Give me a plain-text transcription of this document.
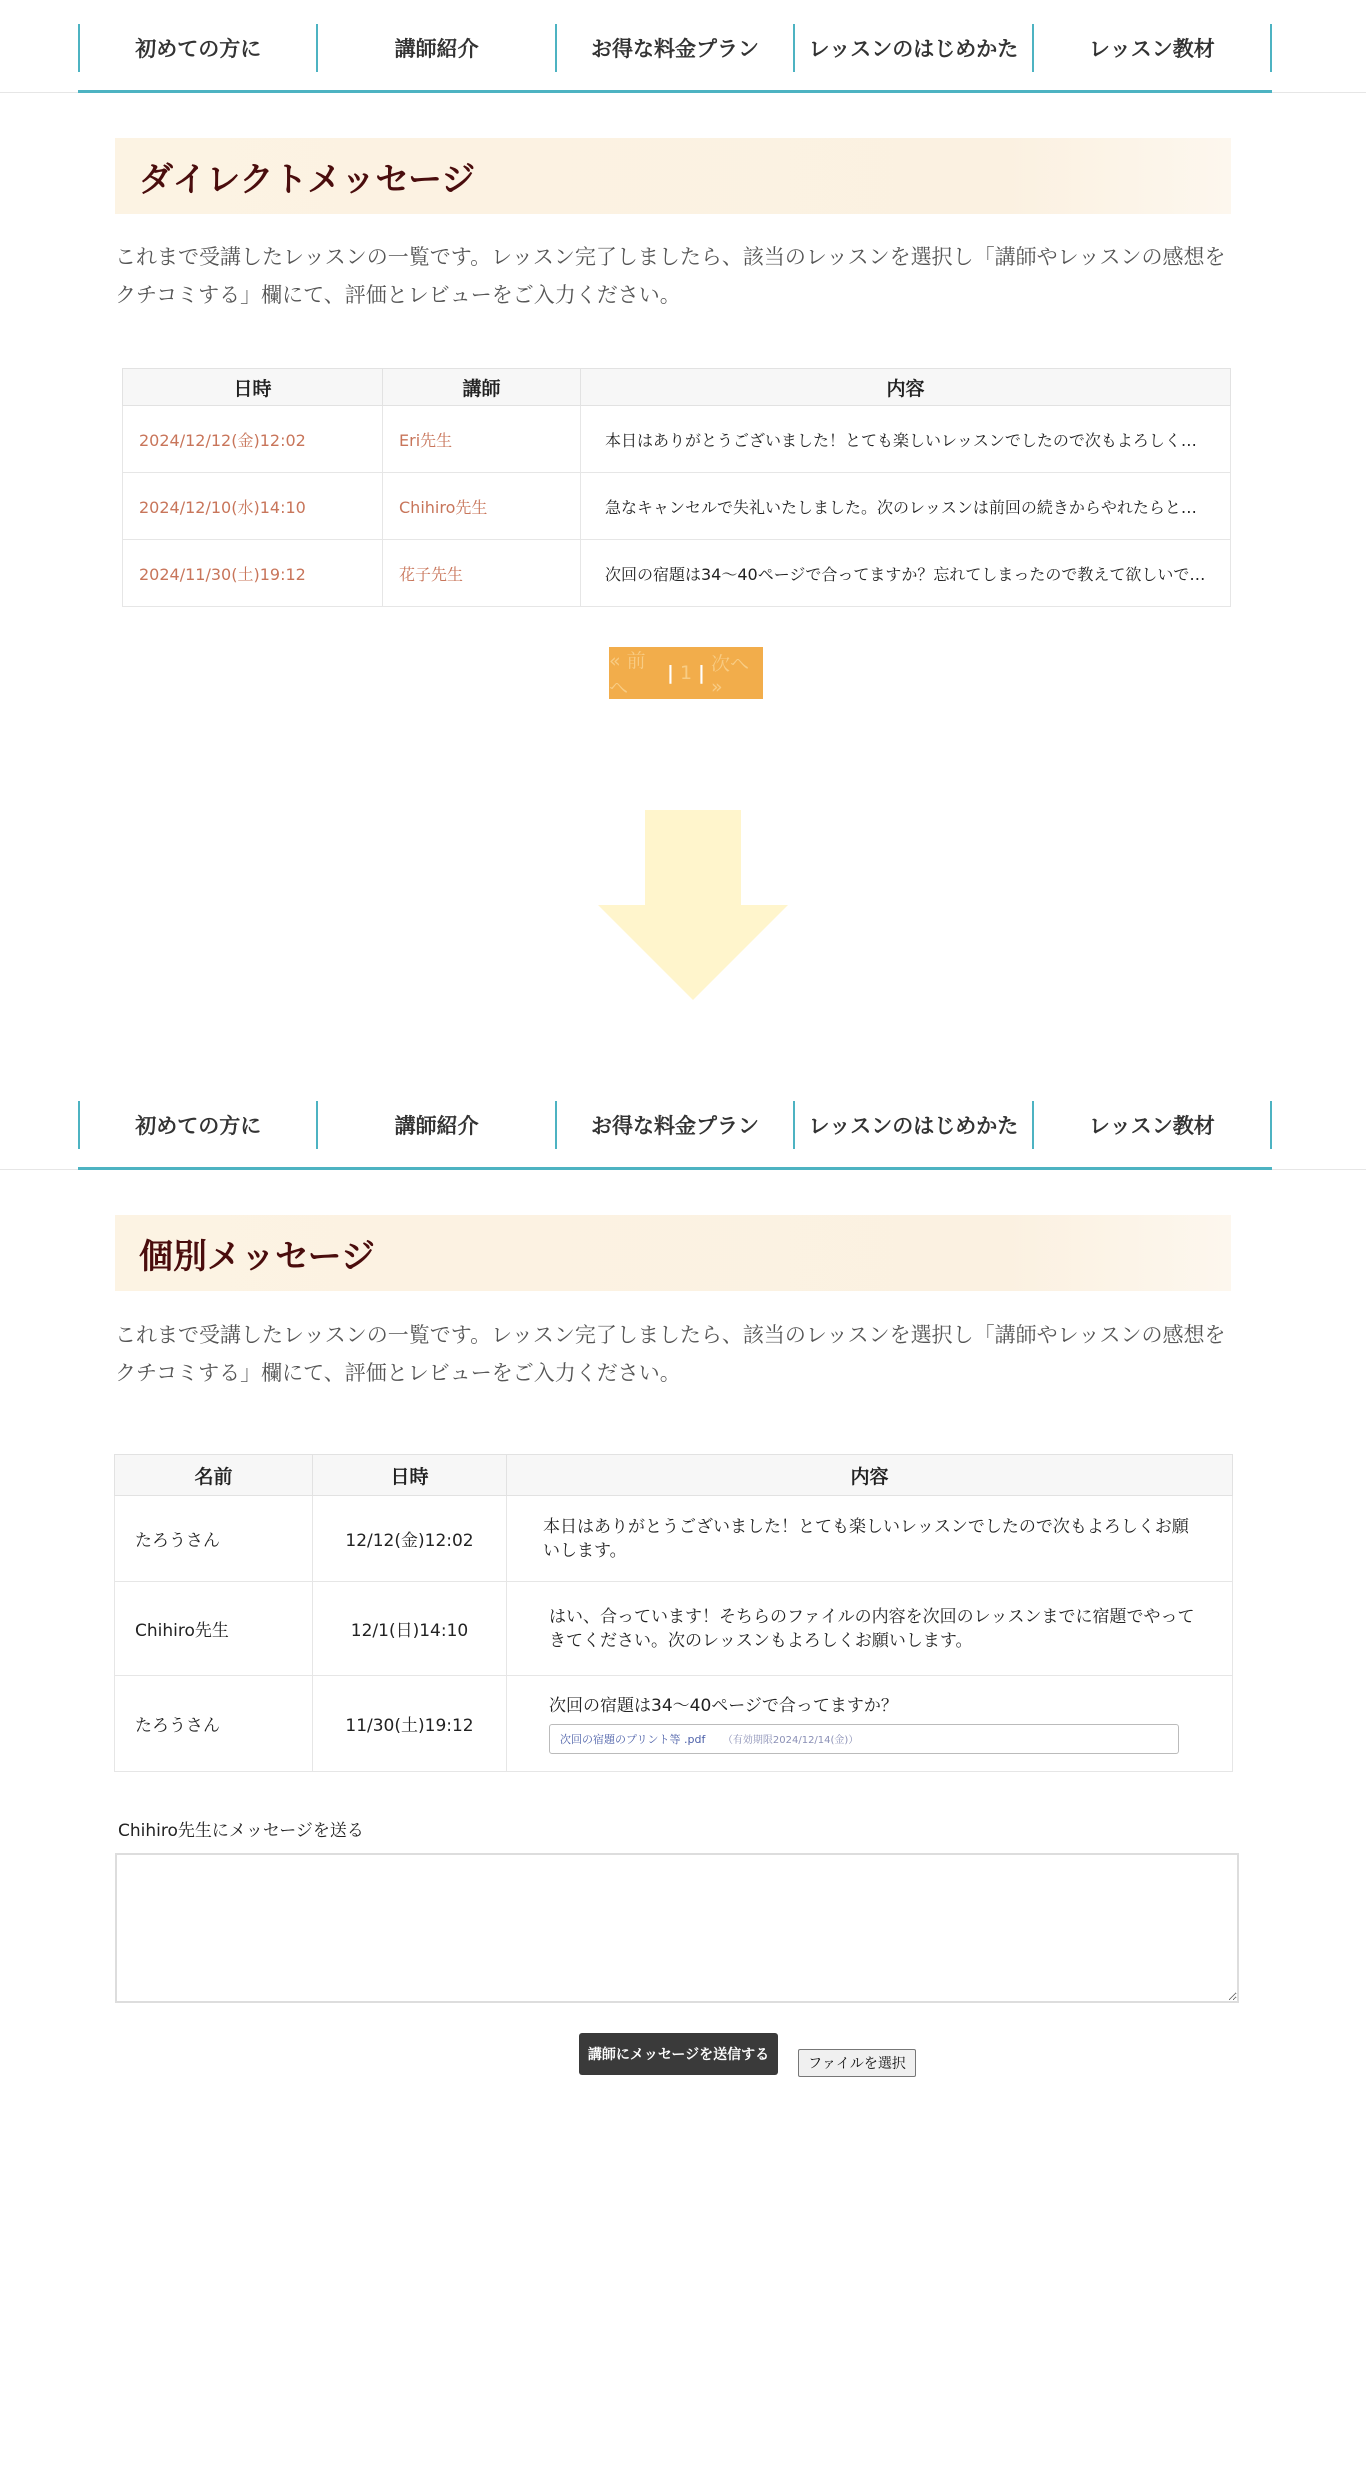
初めての方に	講師紹介	お得な料金プラン	レッスンのはじめかた	レッスン教材
ダイレクトメッセージ

これまで受講したレッスンの一覧です。レッスン完了しましたら、該当のレッスンを選択し「講師やレッスンの感想をクチコミする」欄にて、評価とレビューをご入力ください。

日時	講師	内容
2024/12/12(金)12:02	Eri先生	本日はありがとうございました！とても楽しいレッスンでしたので次もよろしく…
2024/12/10(水)14:10	Chihiro先生	急なキャンセルで失礼いたしました。次のレッスンは前回の続きからやれたらと…
2024/11/30(土)19:12	花子先生	次回の宿題は34〜40ページで合ってますか？忘れてしまったので教えて欲しいで…
« 前へ
| 1 | 次へ »
初めての方に	講師紹介	お得な料金プラン	レッスンのはじめかた	レッスン教材
個別メッセージ

これまで受講したレッスンの一覧です。レッスン完了しましたら、該当のレッスンを選択し「講師やレッスンの感想をクチコミする」欄にて、評価とレビューをご入力ください。

名前	日時	内容
たろうさん	12/12(金)12:02	本日はありがとうございました！とても楽しいレッスンでしたので次もよろしくお願いします。
Chihiro先生	12/1(日)14:10	はい、合っています！そちらのファイルの内容を次回のレッスンまでに宿題でやってきてください。次のレッスンもよろしくお願いします。
たろうさん	11/30(土)19:12	次回の宿題は34〜40ページで合ってますか？
次回の宿題のプリント等 .pdf （有効期限2024/12/14(金)）
Chihiro先生にメッセージを送る
講師にメッセージを送信する
ファイルを選択
